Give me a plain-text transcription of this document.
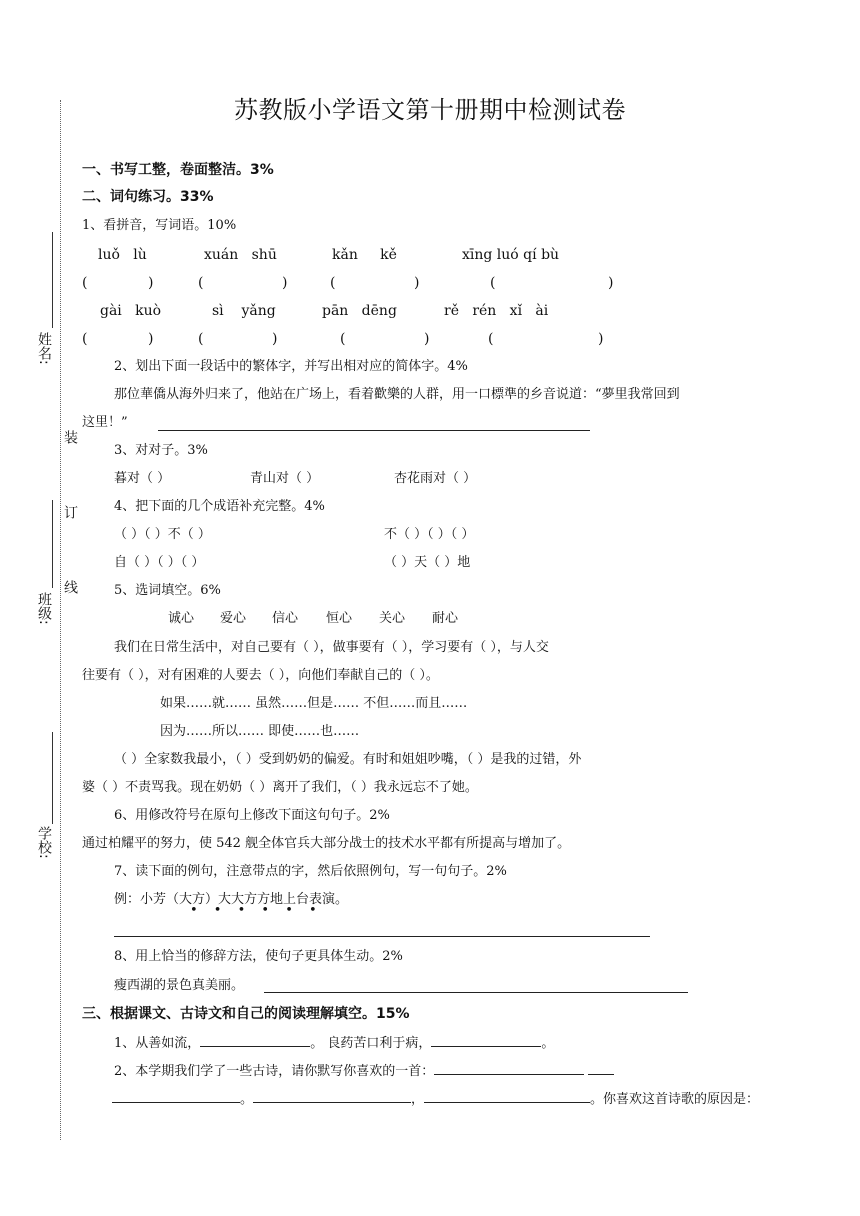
姓名:
装
订
线
班级:
学校:
苏教版小学语文第十册期中检测试卷
一、书写工整，卷面整洁。3%
二、词句练习。33%
1、看拼音，写词语。10%
luǒ   lù	xuán   shū	kǎn     kě	xīng luó qí bù
(	)	(	)	(	)	(	)
gài   kuò	sì    yǎng	pān   dēng	rě   rén   xǐ   ài
(	)	(	)	(	)	(	)
2、划出下面一段话中的繁体字，并写出相对应的简体字。4%
那位華僑从海外归来了，他站在广场上，看着歡樂的人群，用一口標準的乡音说道：“夢里我常回到
这里！”
3、对对子。3%
暮对（ ）	青山对（ ）	杏花雨对（ ）
4、把下面的几个成语补充完整。4%
（ ）（ ）不（ ）	不（ ）（ ）（ ）
自（ ）（ ）（ ）	（ ）天（ ）地
5、选词填空。6%
诚心 爱心 信心 恒心 关心 耐心
我们在日常生活中，对自己要有（ ），做事要有（ ），学习要有（ ），与人交
往要有（ ），对有困难的人要去（ ），向他们奉献自己的（ ）。
如果……就…… 虽然……但是…… 不但……而且……
因为……所以…… 即使……也……
（ ）全家数我最小，（ ）受到奶奶的偏爱。有时和姐姐吵嘴，（ ）是我的过错，外
婆（ ）不责骂我。现在奶奶（ ）离开了我们，（ ）我永远忘不了她。
6、用修改符号在原句上修改下面这句句子。2%
通过柏耀平的努力，使 542 舰全体官兵大部分战士的技术水平都有所提高与增加了。
7、读下面的例句，注意带点的字，然后依照例句，写一句句子。2%
例：小芳（大方）大大方方地上台表演。
• • • • • •
8、用上恰当的修辞方法，使句子更具体生动。2%
瘦西湖的景色真美丽。
三、根据课文、古诗文和自己的阅读理解填空。15%
1、从善如流，	。 良药苦口利于病，	。
2、本学期我们学了一些古诗，请你默写你喜欢的一首：
。	，	。你喜欢这首诗歌的原因是：
